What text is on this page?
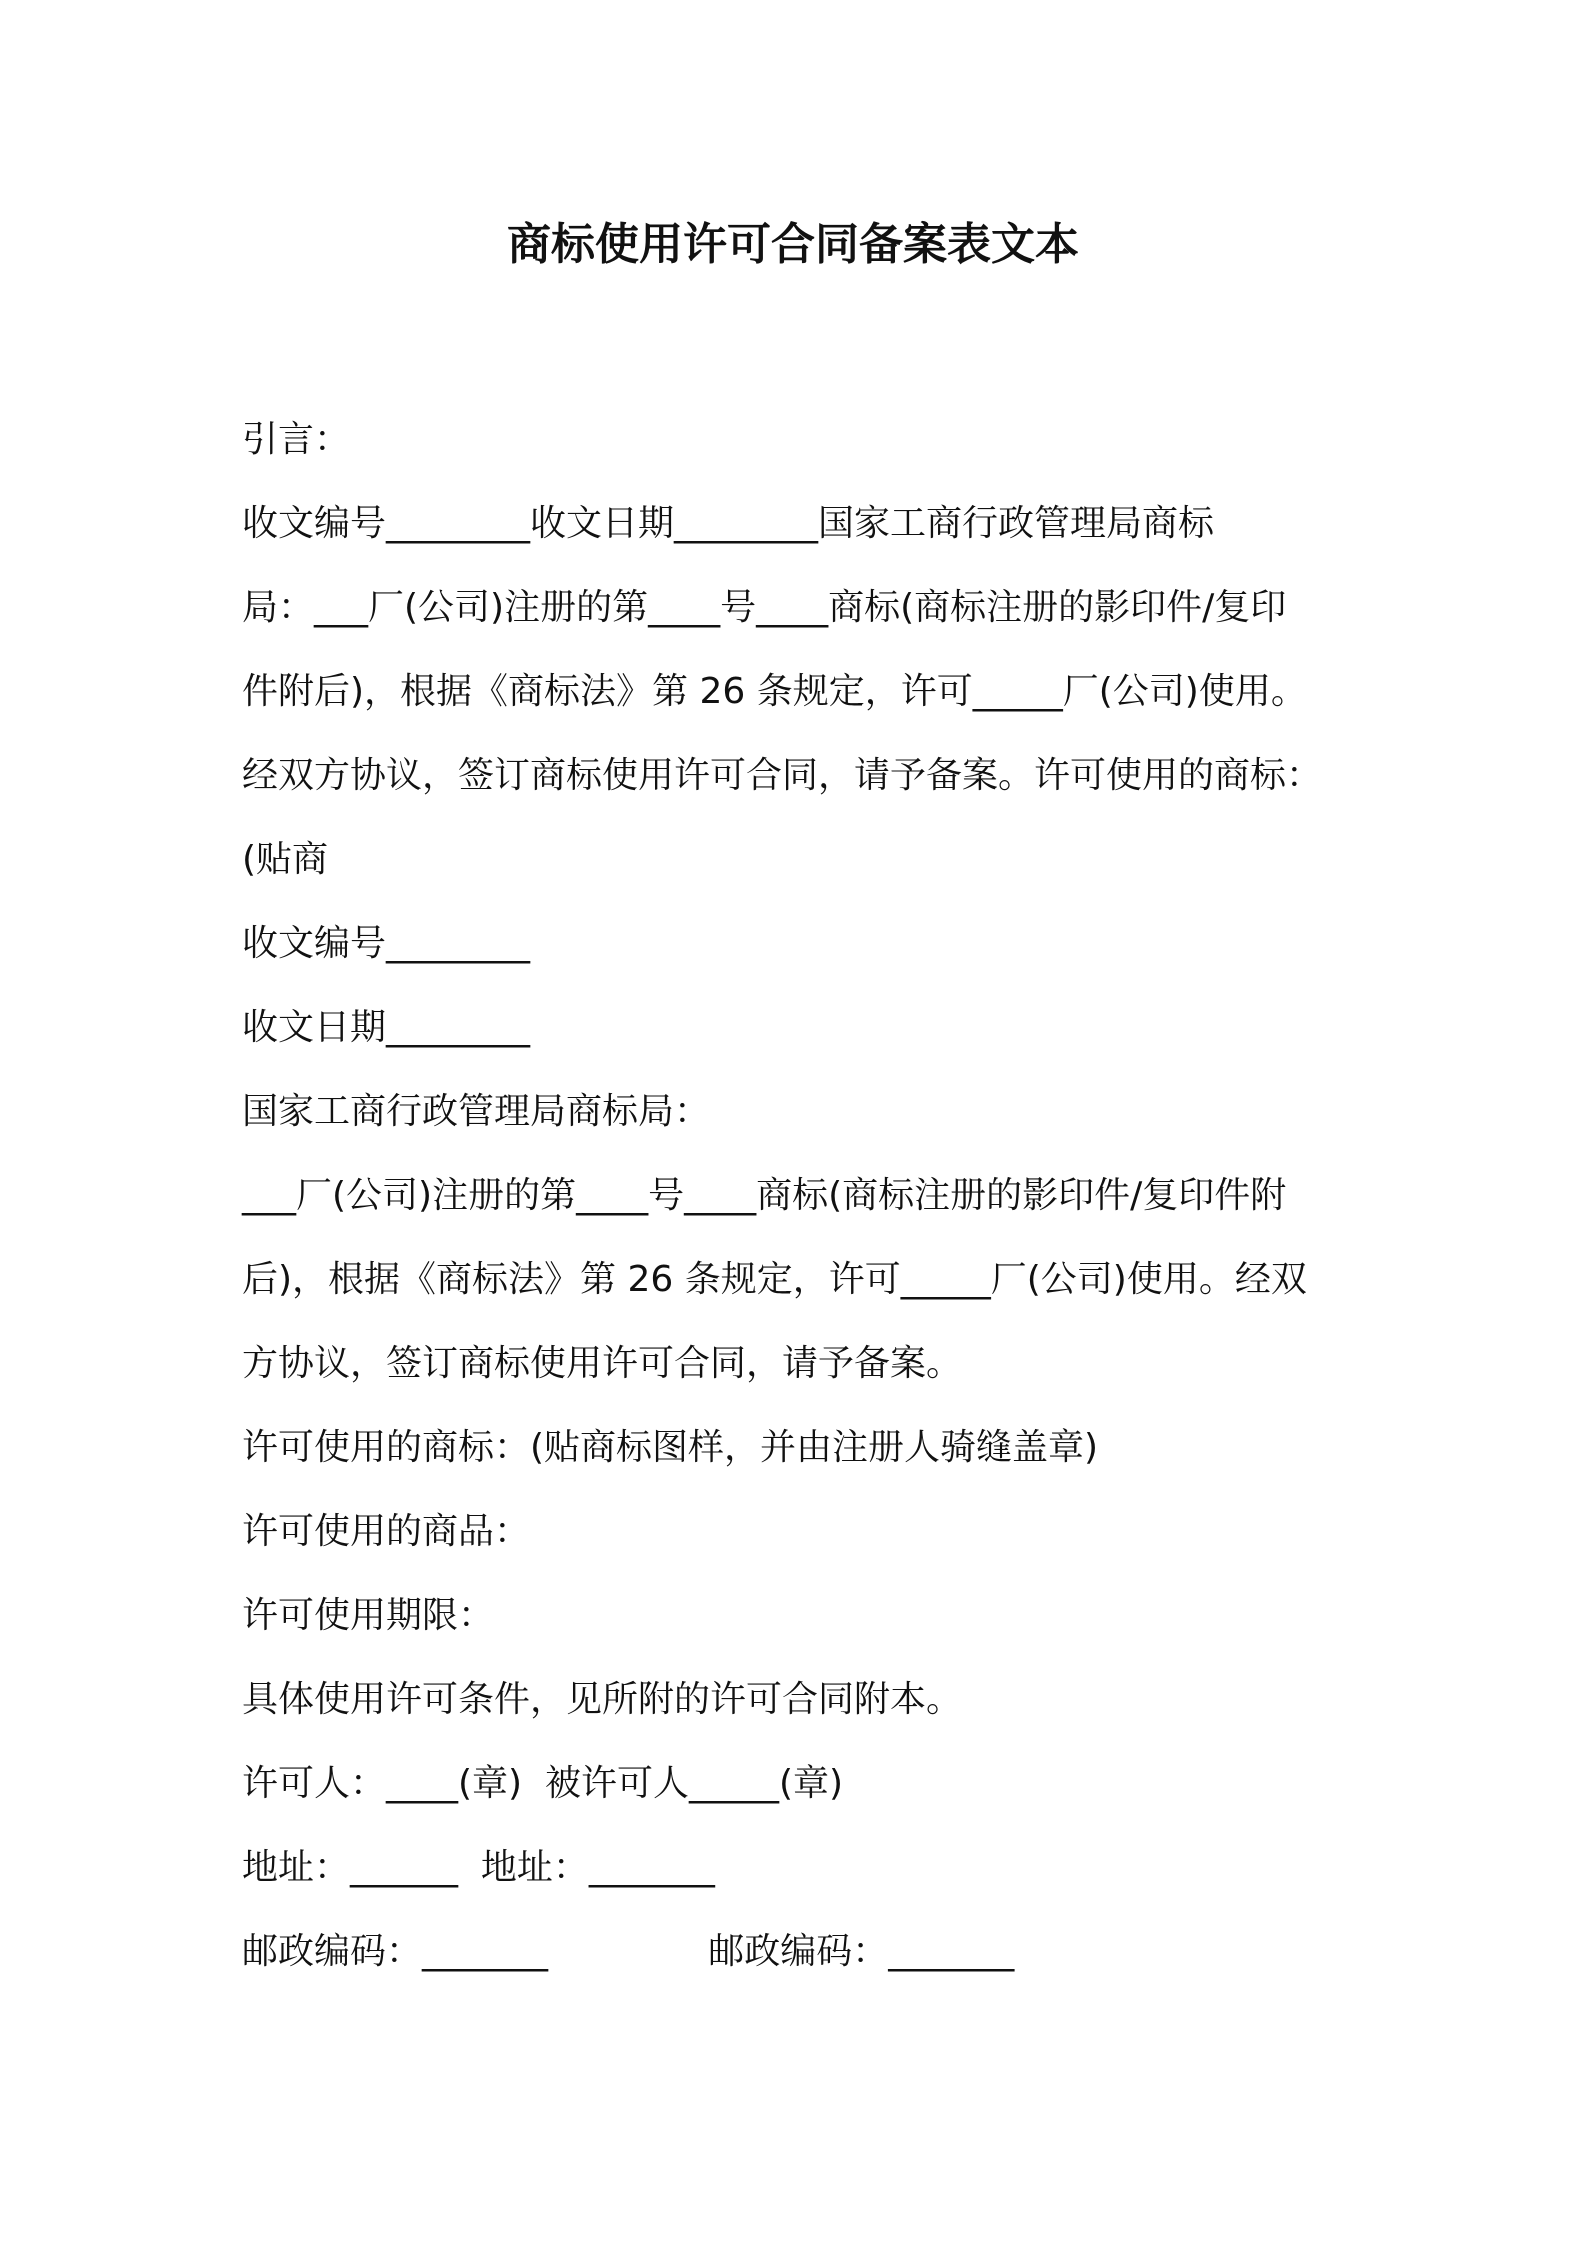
商标使用许可合同备案表文本
引言：
收文编号________收文日期________国家工商行政管理局商标
局：___厂(公司)注册的第____号____商标(商标注册的影印件/复印
件附后)，根据《商标法》第 26 条规定，许可_____厂(公司)使用。
经双方协议，签订商标使用许可合同，请予备案。许可使用的商标：
(贴商
收文编号________
收文日期________
国家工商行政管理局商标局：
___厂(公司)注册的第____号____商标(商标注册的影印件/复印件附
后)，根据《商标法》第 26 条规定，许可_____厂(公司)使用。经双
方协议，签订商标使用许可合同，请予备案。
许可使用的商标：(贴商标图样，并由注册人骑缝盖章)
许可使用的商品：
许可使用期限：
具体使用许可条件，见所附的许可合同附本。
许可人：____(章)  被许可人_____(章)
地址：______  地址：_______
邮政编码：_______              邮政编码：_______
